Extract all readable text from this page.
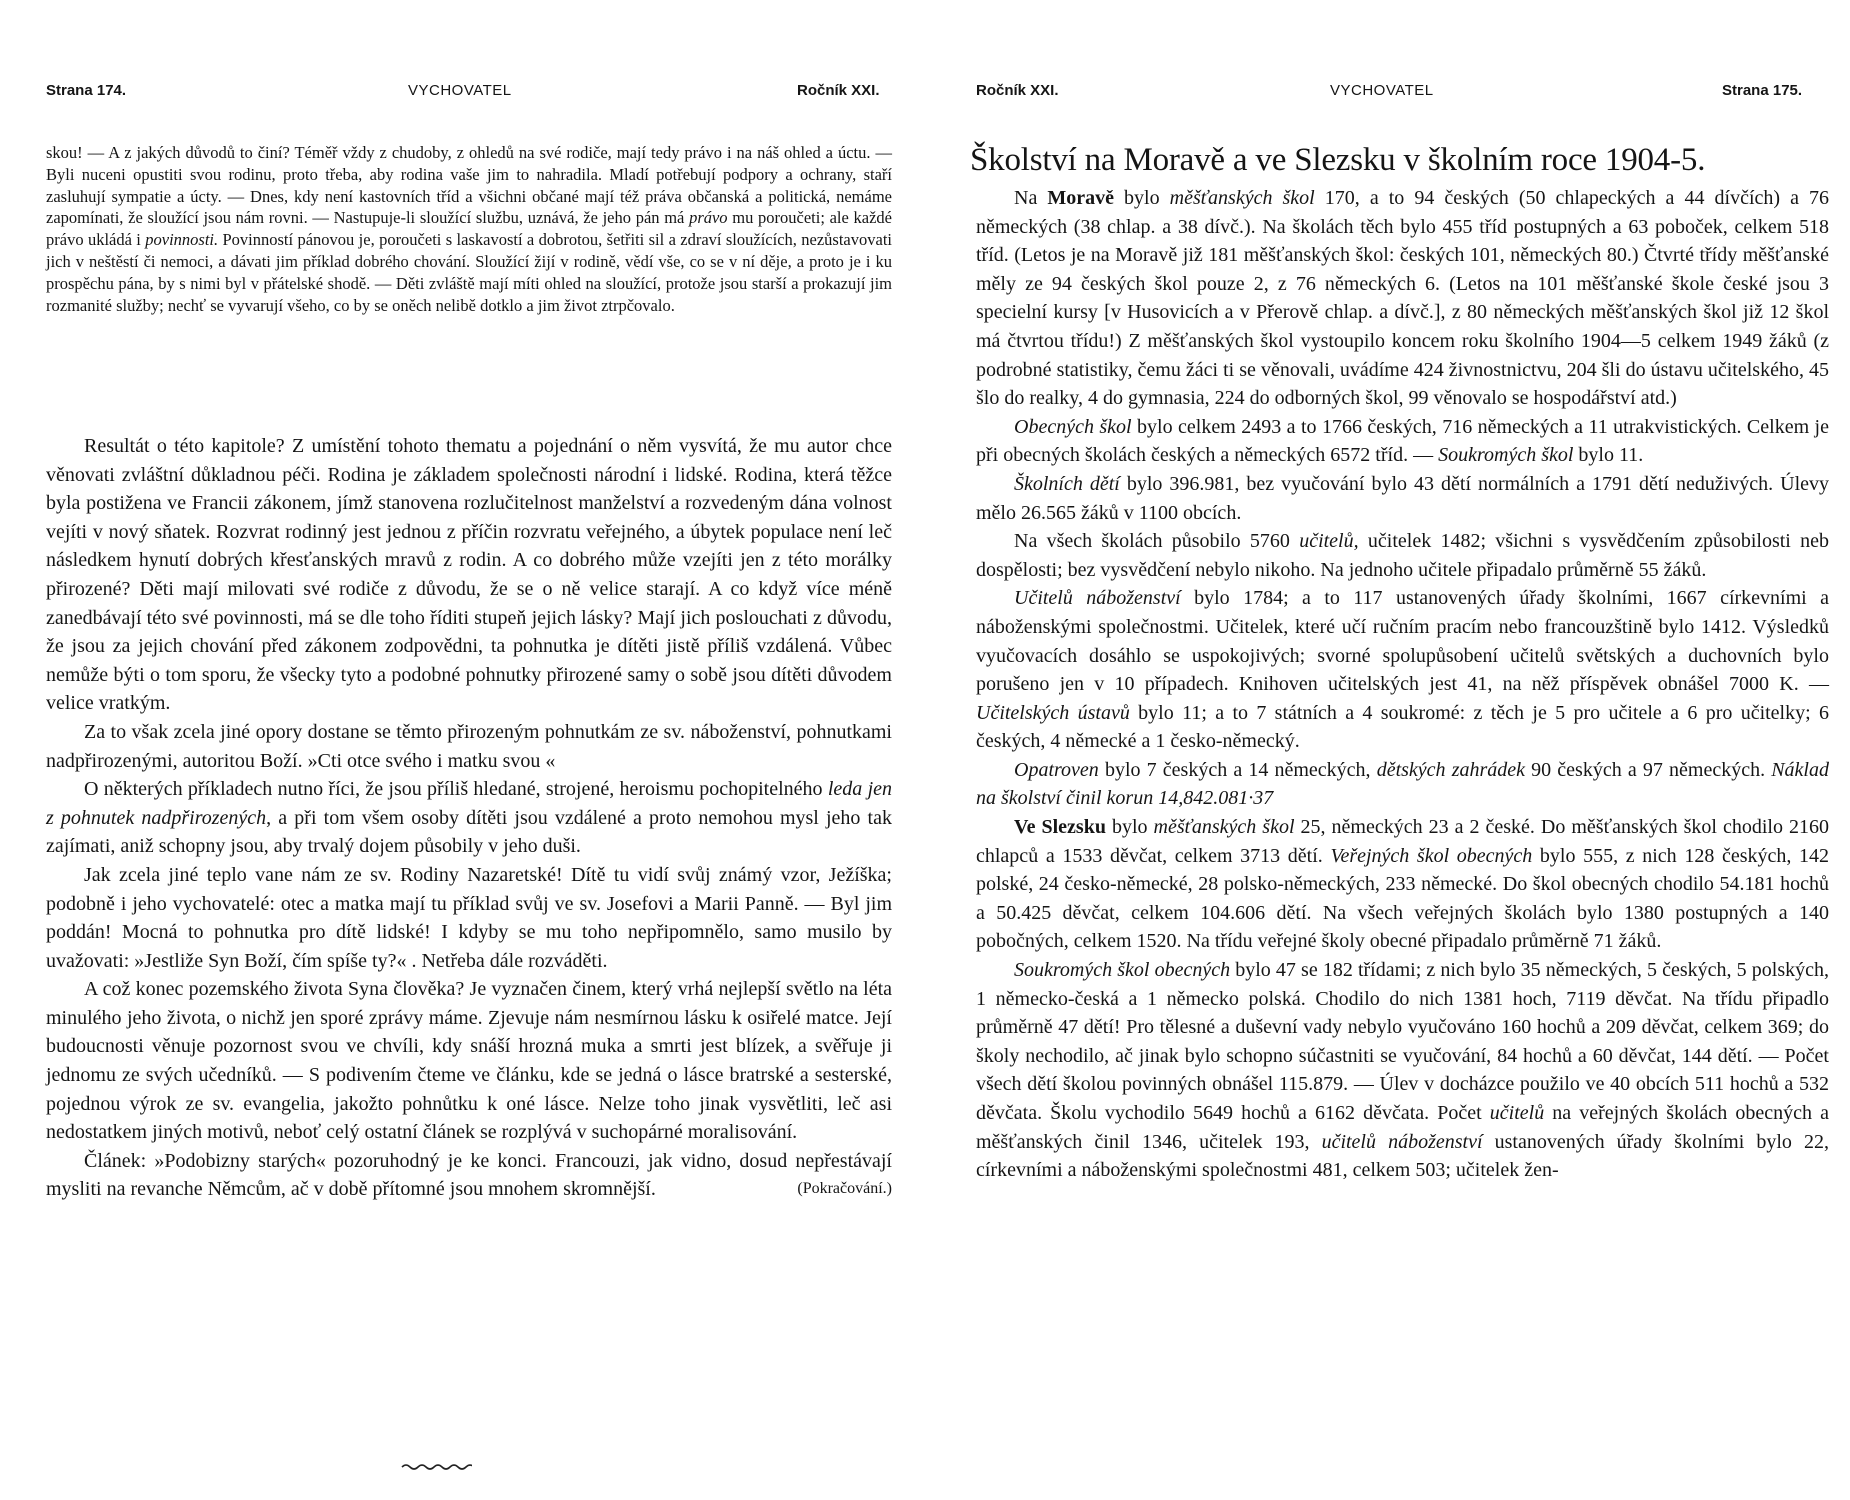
Strana 174.	VYCHOVATEL	Ročník XXI.

skou! — A z jakých důvodů to činí? Téměř vždy z chudoby, z ohledů na své rodiče, mají tedy právo i na náš ohled a úctu. — Byli nuceni opustiti svou rodinu, proto třeba, aby rodina vaše jim to nahradila. Mladí potřebují podpory a ochrany, staří zasluhují sympatie a úcty. — Dnes, kdy není kastovních tříd a všichni občané mají též práva občanská a politická, nemáme zapomínati, že sloužící jsou nám rovni. — Nastupuje-li sloužící službu, uznává, že jeho pán má právo mu poroučeti; ale každé právo ukládá i povinnosti. Povinností pánovou je, poroučeti s laskavostí a dobrotou, šetřiti sil a zdraví sloužících, nezůstavovati jich v neštěstí či nemoci, a dávati jim příklad dobrého chování. Sloužící žijí v rodině, vědí vše, co se v ní děje, a proto je i ku prospěchu pána, by s nimi byl v přátelské shodě. — Děti zvláště mají míti ohled na sloužící, protože jsou starší a prokazují jim rozmanité služby; nechť se vyvarují všeho, co by se oněch nelibě dotklo a jim život ztrpčovalo.

Resultát o této kapitole? Z umístění tohoto thematu a pojednání o něm vysvítá, že mu autor chce věnovati zvláštní důkladnou péči. Rodina je základem společnosti národní i lidské. Rodina, která těžce byla postižena ve Francii zákonem, jímž stanovena rozlučitelnost manželství a rozvedeným dána volnost vejíti v nový sňatek. Rozvrat rodinný jest jednou z příčin rozvratu veřejného, a úbytek populace není leč následkem hynutí dobrých křesťanských mravů z rodin. A co dobrého může vzejíti jen z této morálky přirozené? Děti mají milovati své rodiče z důvodu, že se o ně velice starají. A co když více méně zanedbávají této své povinnosti, má se dle toho říditi stupeň jejich lásky? Mají jich poslouchati z důvodu, že jsou za jejich chování před zákonem zodpovědni, ta pohnutka je dítěti jistě příliš vzdálená. Vůbec nemůže býti o tom sporu, že všecky tyto a podobné pohnutky přirozené samy o sobě jsou dítěti důvodem velice vratkým.

Za to však zcela jiné opory dostane se těmto přirozeným pohnutkám ze sv. náboženství, pohnutkami nadpřirozenými, autoritou Boží. »Cti otce svého i matku svou «

O některých příkladech nutno říci, že jsou příliš hledané, strojené, heroismu pochopitelného leda jen z pohnutek nadpřirozených, a při tom všem osoby dítěti jsou vzdálené a proto nemohou mysl jeho tak zajímati, aniž schopny jsou, aby trvalý dojem působily v jeho duši.

Jak zcela jiné teplo vane nám ze sv. Rodiny Nazaretské! Dítě tu vidí svůj známý vzor, Ježíška; podobně i jeho vychovatelé: otec a matka mají tu příklad svůj ve sv. Josefovi a Marii Panně. — Byl jim poddán! Mocná to pohnutka pro dítě lidské! I kdyby se mu toho nepřipomnělo, samo musilo by uvažovati: »Jestliže Syn Boží, čím spíše ty?« . Netřeba dále rozváděti.

A což konec pozemského života Syna člověka? Je vyznačen činem, který vrhá nejlepší světlo na léta minulého jeho života, o nichž jen sporé zprávy máme. Zjevuje nám nesmírnou lásku k osiřelé matce. Její budoucnosti věnuje pozornost svou ve chvíli, kdy snáší hrozná muka a smrti jest blízek, a svěřuje ji jednomu ze svých učedníků. — S podivením čteme ve článku, kde se jedná o lásce bratrské a sesterské, pojednou výrok ze sv. evangelia, jakožto pohnůtku k oné lásce. Nelze toho jinak vysvětliti, leč asi nedostatkem jiných motivů, neboť celý ostatní článek se rozplývá v suchopárné moralisování.

Článek: »Podobizny starých« pozoruhodný je ke konci. Francouzi, jak vidno, dosud nepřestávají mysliti na revanche Němcům, ač v době přítomné jsou mnohem skromnější.	(Pokračování.)

Ročník XXI.	VYCHOVATEL	Strana 175.
Školství na Moravě a ve Slezsku v školním roce 1904-5.

Na Moravě bylo měšťanských škol 170, a to 94 českých (50 chlapeckých a 44 dívčích) a 76 německých (38 chlap. a 38 dívč.). Na školách těch bylo 455 tříd postupných a 63 poboček, celkem 518 tříd. (Letos je na Moravě již 181 měšťanských škol: českých 101, německých 80.) Čtvrté třídy měšťanské měly ze 94 českých škol pouze 2, z 76 německých 6. (Letos na 101 měšťanské škole české jsou 3 specielní kursy [v Husovicích a v Přerově chlap. a dívč.], z 80 německých měšťanských škol již 12 škol má čtvrtou třídu!) Z měšťanských škol vystoupilo koncem roku školního 1904—5 celkem 1949 žáků (z podrobné statistiky, čemu žáci ti se věnovali, uvádíme 424 živnostnictvu, 204 šli do ústavu učitelského, 45 šlo do realky, 4 do gymnasia, 224 do odborných škol, 99 věnovalo se hospodářství atd.)

Obecných škol bylo celkem 2493 a to 1766 českých, 716 německých a 11 utrakvistických. Celkem je při obecných školách českých a německých 6572 tříd. — Soukromých škol bylo 11.

Školních dětí bylo 396.981, bez vyučování bylo 43 dětí normálních a 1791 dětí neduživých. Úlevy mělo 26.565 žáků v 1100 obcích.

Na všech školách působilo 5760 učitelů, učitelek 1482; všichni s vysvědčením způsobilosti neb dospělosti; bez vysvědčení nebylo nikoho. Na jednoho učitele připadalo průměrně 55 žáků.

Učitelů náboženství bylo 1784; a to 117 ustanovených úřady školními, 1667 církevními a náboženskými společnostmi. Učitelek, které učí ručním pracím nebo francouzštině bylo 1412. Výsledků vyučovacích dosáhlo se uspokojivých; svorné spolupůsobení učitelů světských a duchovních bylo porušeno jen v 10 případech. Knihoven učitelských jest 41, na něž příspěvek obnášel 7000 K. — Učitelských ústavů bylo 11; a to 7 státních a 4 soukromé: z těch je 5 pro učitele a 6 pro učitelky; 6 českých, 4 německé a 1 česko-německý.

Opatroven bylo 7 českých a 14 německých, dětských zahrádek 90 českých a 97 německých. Náklad na školství činil korun 14,842.081·37

Ve Slezsku bylo měšťanských škol 25, německých 23 a 2 české. Do měšťanských škol chodilo 2160 chlapců a 1533 děvčat, celkem 3713 dětí. Veřejných škol obecných bylo 555, z nich 128 českých, 142 polské, 24 česko-německé, 28 polsko-německých, 233 německé. Do škol obecných chodilo 54.181 hochů a 50.425 děvčat, celkem 104.606 dětí. Na všech veřejných školách bylo 1380 postupných a 140 pobočných, celkem 1520. Na třídu veřejné školy obecné připadalo průměrně 71 žáků.

Soukromých škol obecných bylo 47 se 182 třídami; z nich bylo 35 německých, 5 českých, 5 polských, 1 německo-česká a 1 německo polská. Chodilo do nich 1381 hoch, 7119 děvčat. Na třídu připadlo průměrně 47 dětí! Pro tělesné a duševní vady nebylo vyučováno 160 hochů a 209 děvčat, celkem 369; do školy nechodilo, ač jinak bylo schopno súčastniti se vyučování, 84 hochů a 60 děvčat, 144 dětí. — Počet všech dětí školou povinných obnášel 115.879. — Úlev v docházce použilo ve 40 obcích 511 hochů a 532 děvčata. Školu vychodilo 5649 hochů a 6162 děvčata. Počet učitelů na veřejných školách obecných a měšťanských činil 1346, učitelek 193, učitelů náboženství ustanovených úřady školními bylo 22, církevními a náboženskými společnostmi 481, celkem 503; učitelek žen-
